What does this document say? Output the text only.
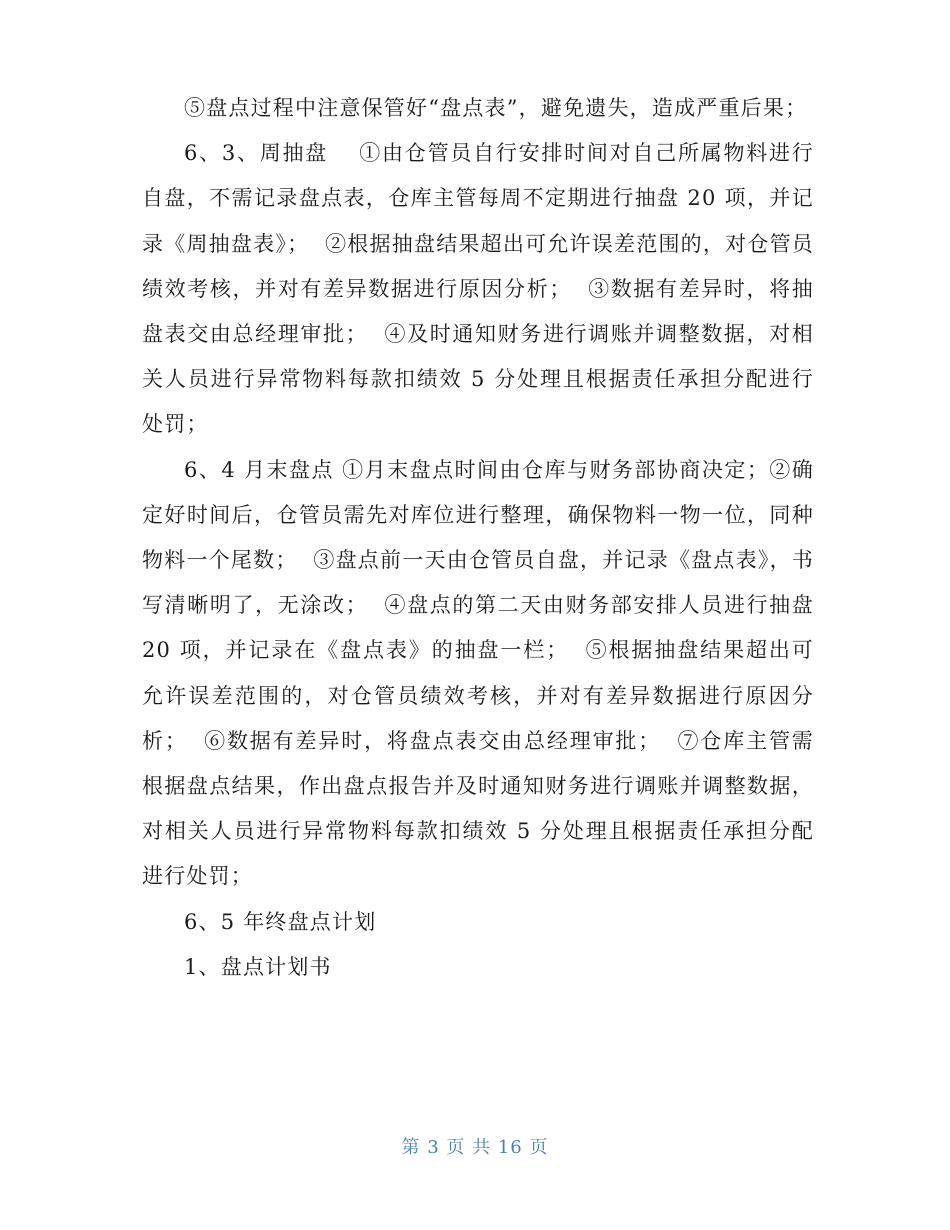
⑤盘点过程中注意保管好“盘点表”，避免遗失，造成严重后果；

6、3、周抽盘　 ①由仓管员自行安排时间对自己所属物料进行自盘，不需记录盘点表，仓库主管每周不定期进行抽盘 20 项，并记录《周抽盘表》；  ②根据抽盘结果超出可允许误差范围的，对仓管员绩效考核，并对有差异数据进行原因分析；  ③数据有差异时，将抽盘表交由总经理审批；  ④及时通知财务进行调账并调整数据，对相关人员进行异常物料每款扣绩效 5 分处理且根据责任承担分配进行处罚；

6、4 月末盘点 ①月末盘点时间由仓库与财务部协商决定；②确定好时间后，仓管员需先对库位进行整理，确保物料一物一位，同种物料一个尾数；  ③盘点前一天由仓管员自盘，并记录《盘点表》，书写清晰明了，无涂改；  ④盘点的第二天由财务部安排人员进行抽盘 20 项，并记录在《盘点表》的抽盘一栏；  ⑤根据抽盘结果超出可允许误差范围的，对仓管员绩效考核，并对有差异数据进行原因分析；  ⑥数据有差异时，将盘点表交由总经理审批；  ⑦仓库主管需根据盘点结果，作出盘点报告并及时通知财务进行调账并调整数据，对相关人员进行异常物料每款扣绩效 5 分处理且根据责任承担分配进行处罚；

6、5 年终盘点计划

1、盘点计划书

第 3 页 共 16 页
